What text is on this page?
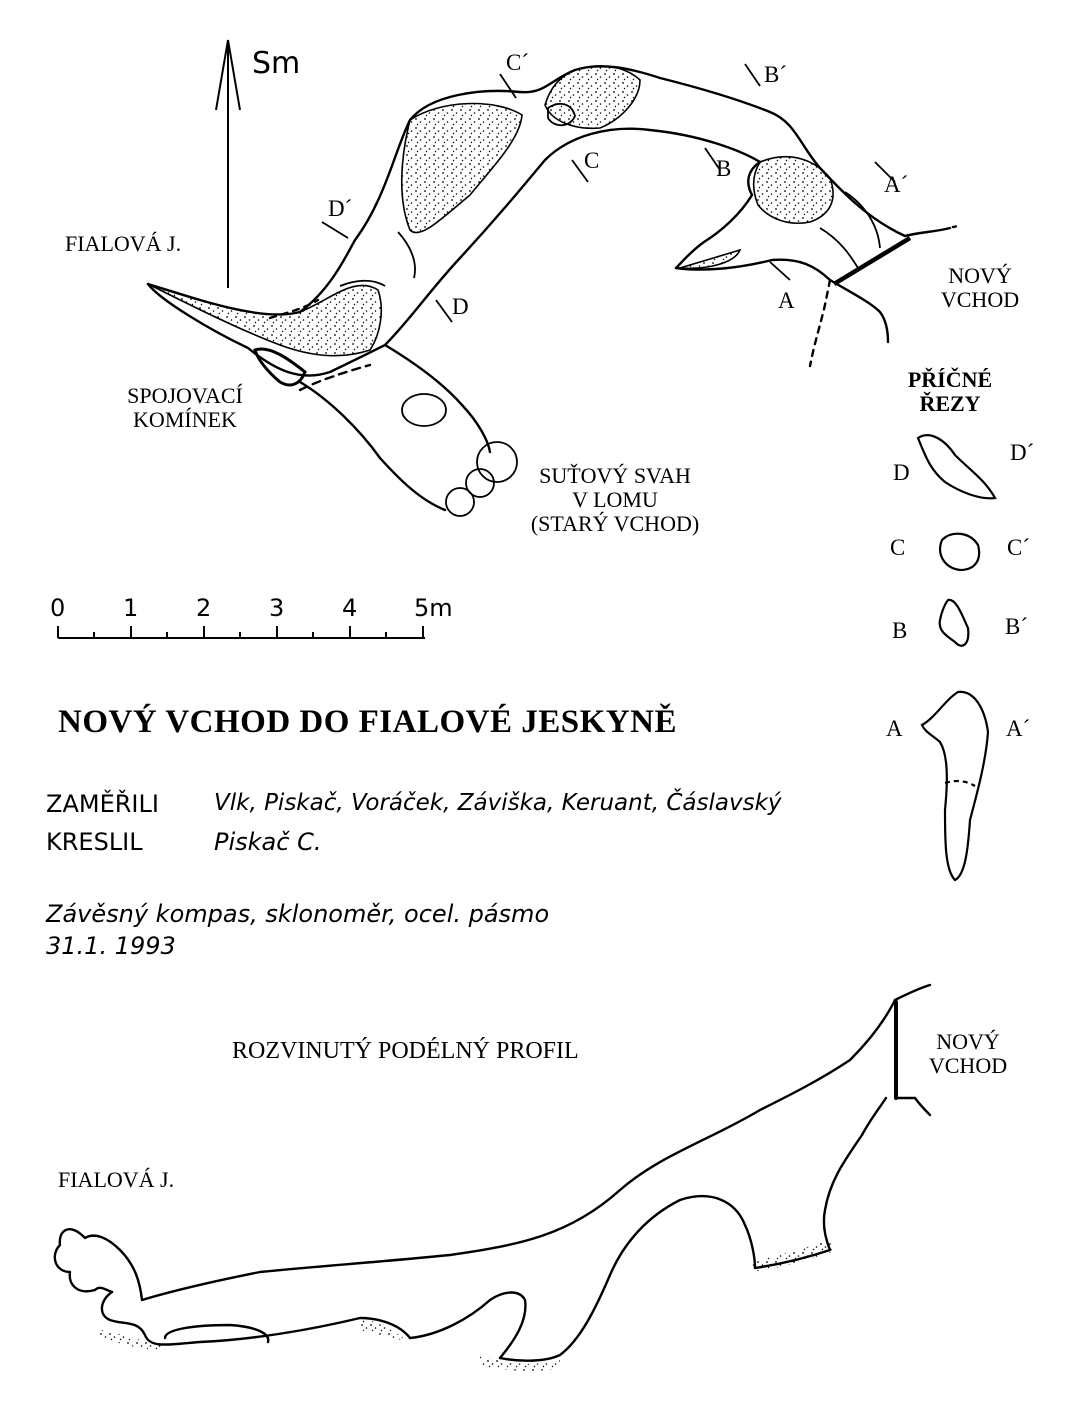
Sm
FIALOVÁ J.
SPOJOVACÍ
KOMÍNEK
SUŤOVÝ SVAH
V LOMU
(STARÝ VCHOD)
NOVÝ
VCHOD
C´	B´
C	B
A´
D´
D	A
PŘÍČNÉ
ŘEZY
D
D´
C	C´
B	B´
A	A´
0 1 2 3 4 5m
NOVÝ VCHOD DO FIALOVÉ JESKYNĚ
ZAMĚŘILI Vlk, Piskač, Voráček, Záviška, Keruant, Čáslavský
KRESLIL	Piskač C.
Závěsný kompas, sklonoměr, ocel. pásmo
31.1. 1993
ROZVINUTÝ PODÉLNÝ PROFIL
FIALOVÁ J.
NOVÝ
VCHOD
